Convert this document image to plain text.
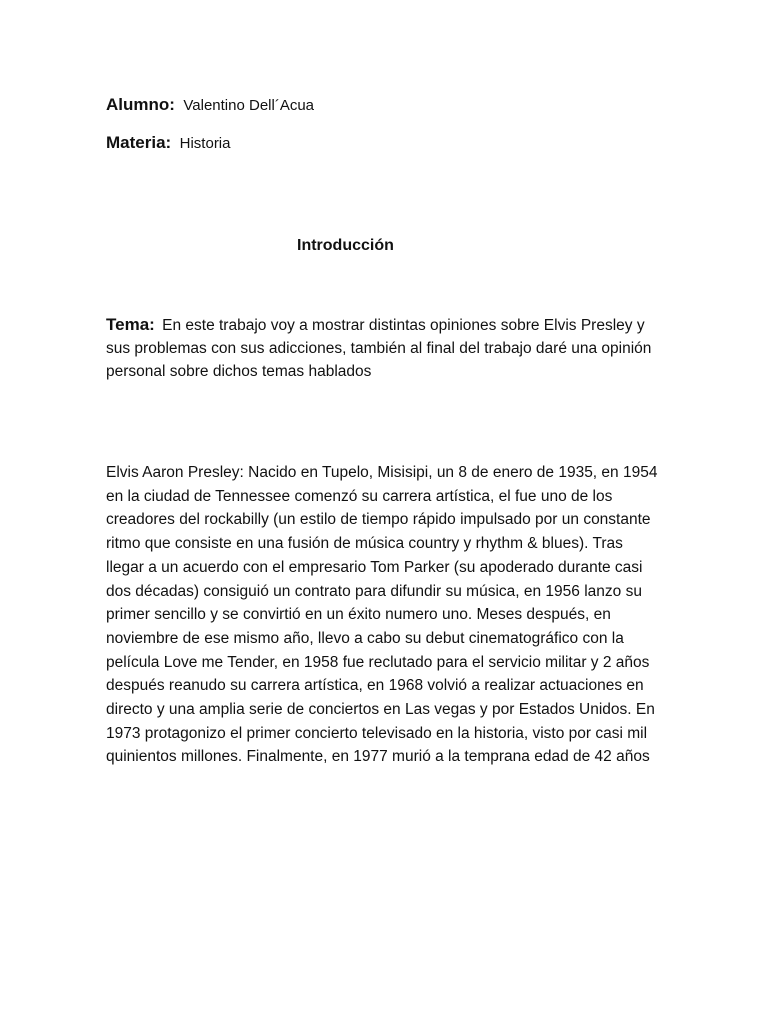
Alumno: Valentino Dell´Acua
Materia: Historia
Introducción
Tema: En este trabajo voy a mostrar distintas opiniones sobre Elvis Presley y sus problemas con sus adicciones, también al final del trabajo daré una opinión personal sobre dichos temas hablados
Elvis Aaron Presley: Nacido en Tupelo, Misisipi, un 8 de enero de 1935, en 1954 en la ciudad de Tennessee comenzó su carrera artística, el fue uno de los creadores del rockabilly (un estilo de tiempo rápido impulsado por un constante ritmo que consiste en una fusión de música country y rhythm & blues). Tras llegar a un acuerdo con el empresario Tom Parker (su apoderado durante casi dos décadas) consiguió un contrato para difundir su música, en 1956 lanzo su primer sencillo y se convirtió en un éxito numero uno. Meses después, en noviembre de ese mismo año, llevo a cabo su debut cinematográfico con la película Love me Tender, en 1958 fue reclutado para el servicio militar y 2 años después reanudo su carrera artística, en 1968 volvió a realizar actuaciones en directo y una amplia serie de conciertos en Las vegas y por Estados Unidos. En 1973 protagonizo el primer concierto televisado en la historia, visto por casi mil quinientos millones. Finalmente, en 1977 murió a la temprana edad de 42 años
